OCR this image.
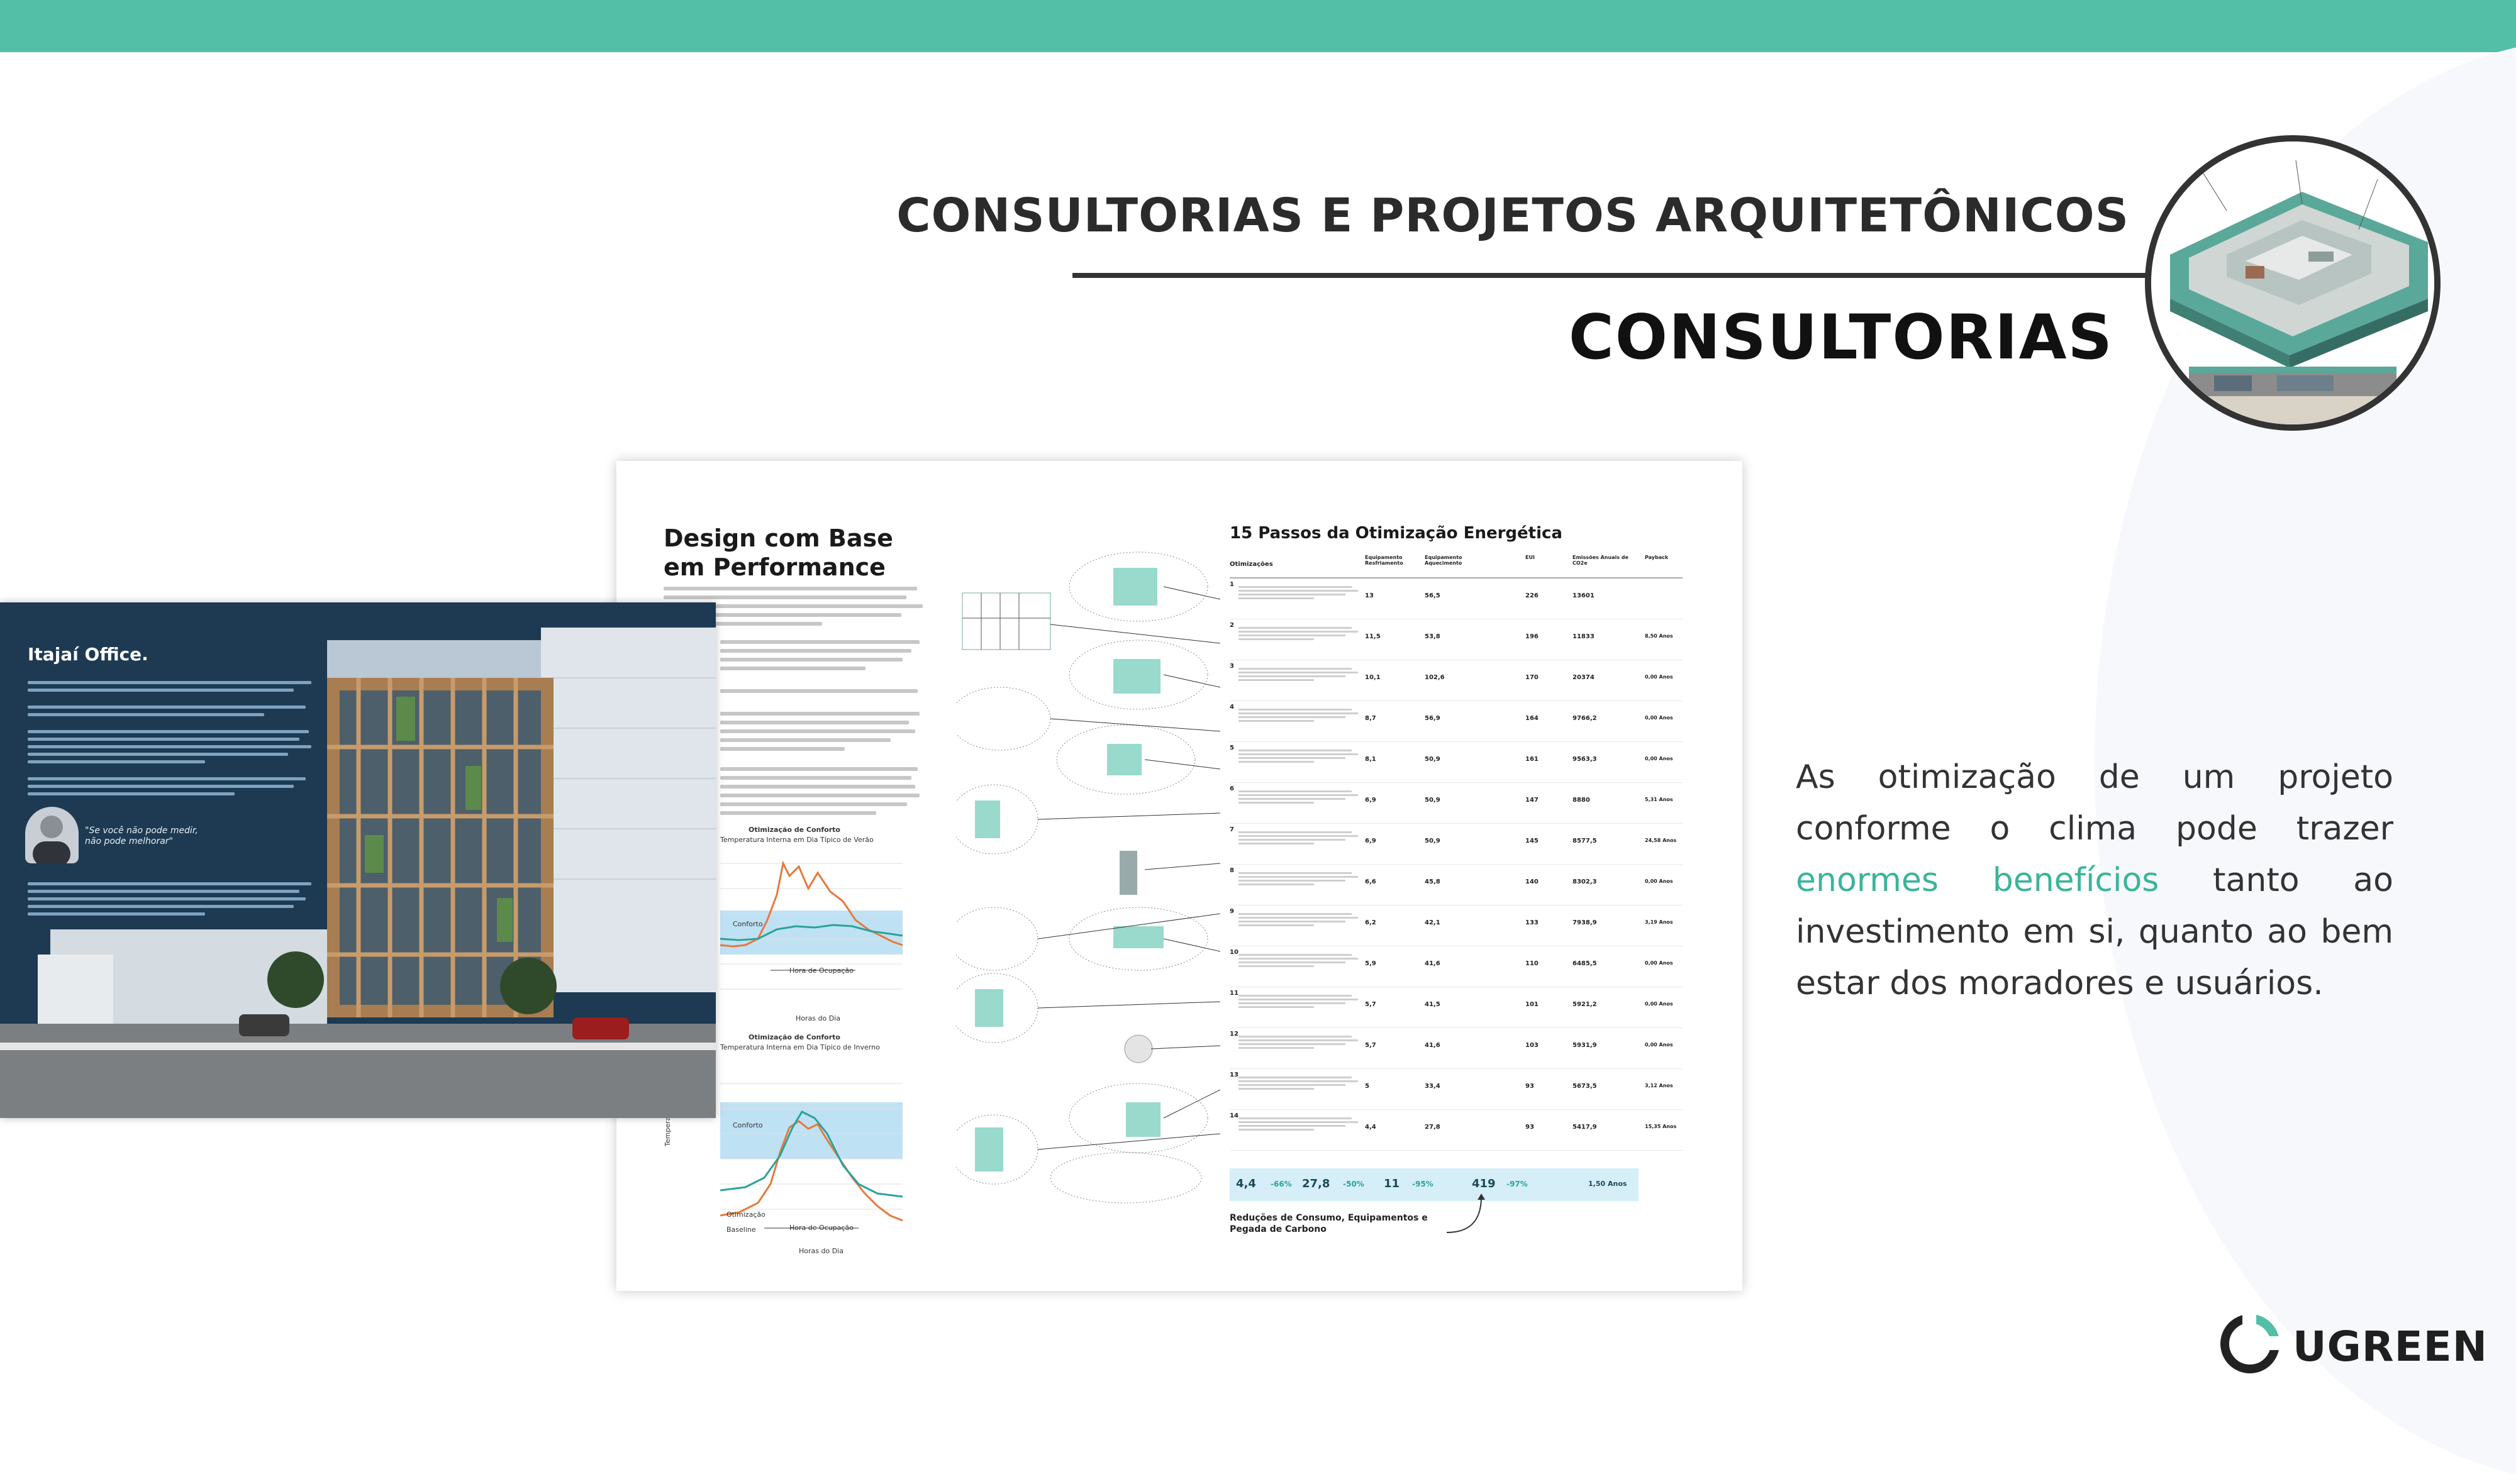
CONSULTORIAS E PROJETOS ARQUITETÔNICOS
CONSULTORIAS
Design com Base em Performance
Otimização de Conforto
Temperatura Interna em Dia Típico de Verão
Conforto
Hora de Ocupação
Horas do Dia
Otimização de Conforto
Temperatura Interna em Dia Típico de Inverno
Conforto
Otimização
Baseline	Hora de Ocupação
Horas do Dia
15 Passos da Otimização Energética
Otimizações
Equipamento Resfriamento
Equipamento Aquecimento
EUI	Emissões Anuais de CO2e
Payback
1
13	56,5	226	13601
2
11,5	53,8	196	11833	8,50 Anos
3
10,1	102,6	170	20374	0,00 Anos
4
8,7	56,9	164	9766,2	0,00 Anos
5
8,1	50,9	161	9563,3	0,00 Anos
6
6,9	50,9	147	8880	5,31 Anos
7
6,9	50,9	145	8577,5	24,58 Anos
8
6,6	45,8	140	8302,3	0,00 Anos
9
6,2	42,1	133	7938,9	3,19 Anos
10
5,9	41,6	110	6485,5	0,00 Anos
11
5,7	41,5	101	5921,2	0,00 Anos
12
5,7	41,6	103	5931,9	0,00 Anos
13
5	33,4	93	5673,5	3,12 Anos
14
4,4	27,8	93	5417,9	15,35 Anos
4,4 -66% 27,8 -50% 11 -95%	419 -97%	1,50 Anos
Reduções de Consumo, Equipamentos e Pegada de Carbono
Itajaí Office.
"Se você não pode medir, não pode melhorar"
As otimização de um projeto conforme o clima pode trazer enormes benefícios tanto ao investimento em si, quanto ao bem estar dos moradores e usuários.
UGREEN
